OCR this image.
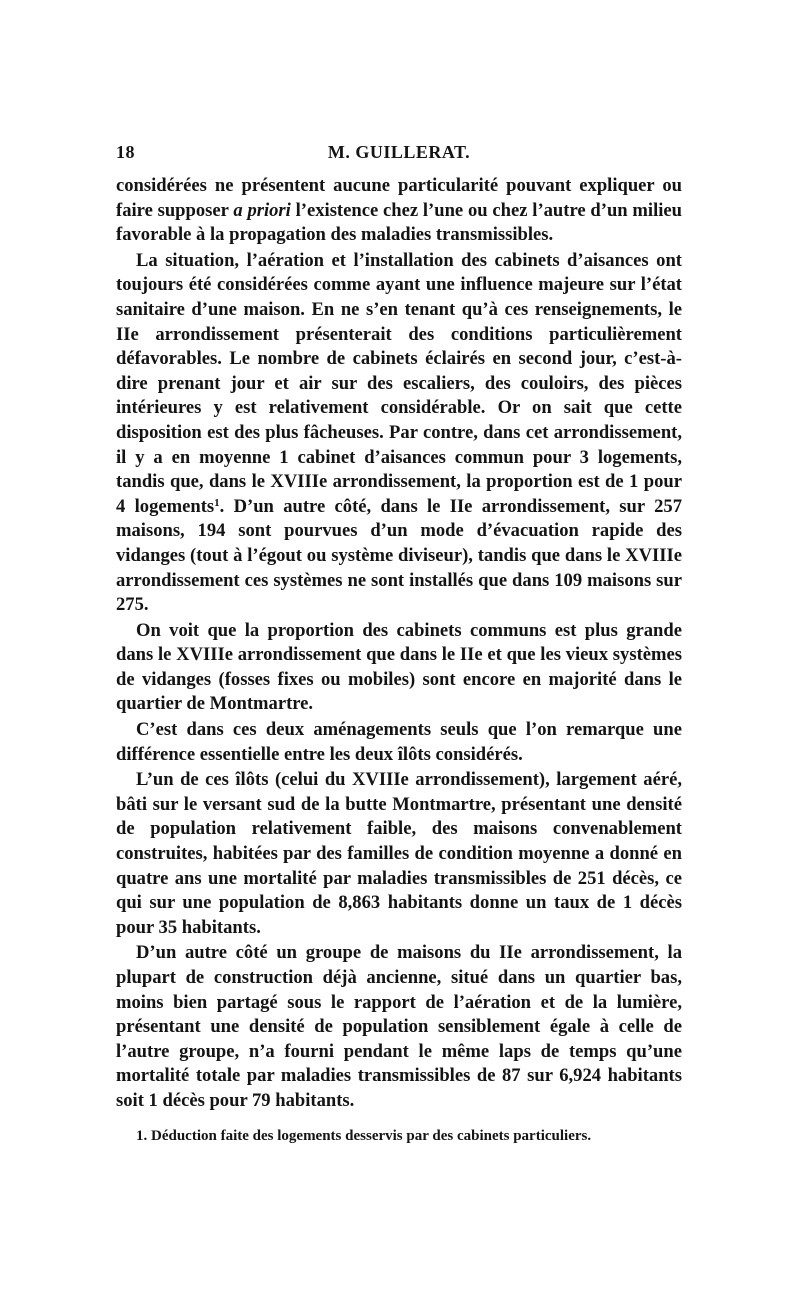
18	M. GUILLERAT.

considérées ne présentent aucune particularité pouvant expliquer ou faire supposer a priori l’existence chez l’une ou chez l’autre d’un milieu favorable à la propagation des maladies transmissibles.

La situation, l’aération et l’installation des cabinets d’aisances ont toujours été considérées comme ayant une influence majeure sur l’état sanitaire d’une maison. En ne s’en tenant qu’à ces renseignements, le IIe arrondissement présenterait des conditions particulièrement défavorables. Le nombre de cabinets éclairés en second jour, c’est-à-dire prenant jour et air sur des escaliers, des couloirs, des pièces intérieures y est relativement considérable. Or on sait que cette disposition est des plus fâcheuses. Par contre, dans cet arrondissement, il y a en moyenne 1 cabinet d’aisances commun pour 3 logements, tandis que, dans le XVIIIe arrondissement, la proportion est de 1 pour 4 logements$^1$. D’un autre côté, dans le IIe arrondissement, sur 257 maisons, 194 sont pourvues d’un mode d’évacuation rapide des vidanges (tout à l’égout ou système diviseur), tandis que dans le XVIIIe arrondissement ces systèmes ne sont installés que dans 109 maisons sur 275.

On voit que la proportion des cabinets communs est plus grande dans le XVIIIe arrondissement que dans le IIe et que les vieux systèmes de vidanges (fosses fixes ou mobiles) sont encore en majorité dans le quartier de Montmartre.

C’est dans ces deux aménagements seuls que l’on remarque une différence essentielle entre les deux îlôts considérés.

L’un de ces îlôts (celui du XVIIIe arrondissement), largement aéré, bâti sur le versant sud de la butte Montmartre, présentant une densité de population relativement faible, des maisons convenablement construites, habitées par des familles de condition moyenne a donné en quatre ans une mortalité par maladies transmissibles de 251 décès, ce qui sur une population de 8,863 habitants donne un taux de 1 décès pour 35 habitants.

D’un autre côté un groupe de maisons du IIe arrondissement, la plupart de construction déjà ancienne, situé dans un quartier bas, moins bien partagé sous le rapport de l’aération et de la lumière, présentant une densité de population sensiblement égale à celle de l’autre groupe, n’a fourni pendant le même laps de temps qu’une mortalité totale par maladies transmissibles de 87 sur 6,924 habitants soit 1 décès pour 79 habitants.

1. Déduction faite des logements desservis par des cabinets particuliers.
